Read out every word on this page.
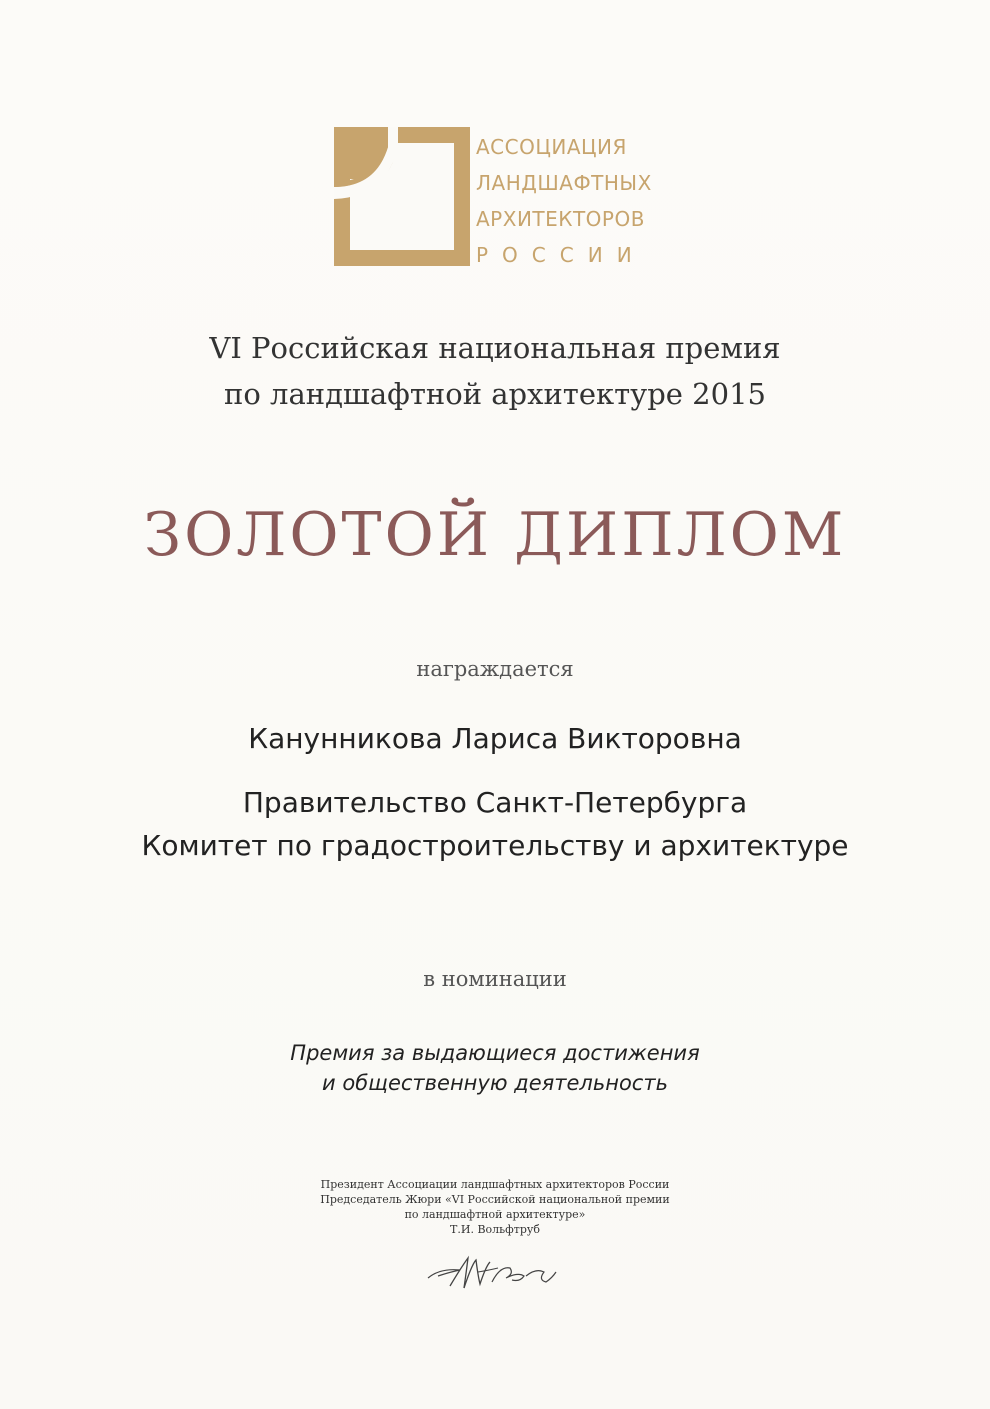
АССОЦИАЦИЯ
ЛАНДШАФТНЫХ
АРХИТЕКТОРОВ
РОССИИ
VI Российская национальная премия
по ландшафтной архитектуре 2015
ЗОЛОТОЙ ДИПЛОМ
награждается
Канунникова Лариса Викторовна
Правительство Санкт-Петербурга
Комитет по градостроительству и архитектуре
в номинации
Премия за выдающиеся достижения
и общественную деятельность
Президент Ассоциации ландшафтных архитекторов России
Председатель Жюри «VI Российской национальной премии
по ландшафтной архитектуре»
Т.И. Вольфтруб
